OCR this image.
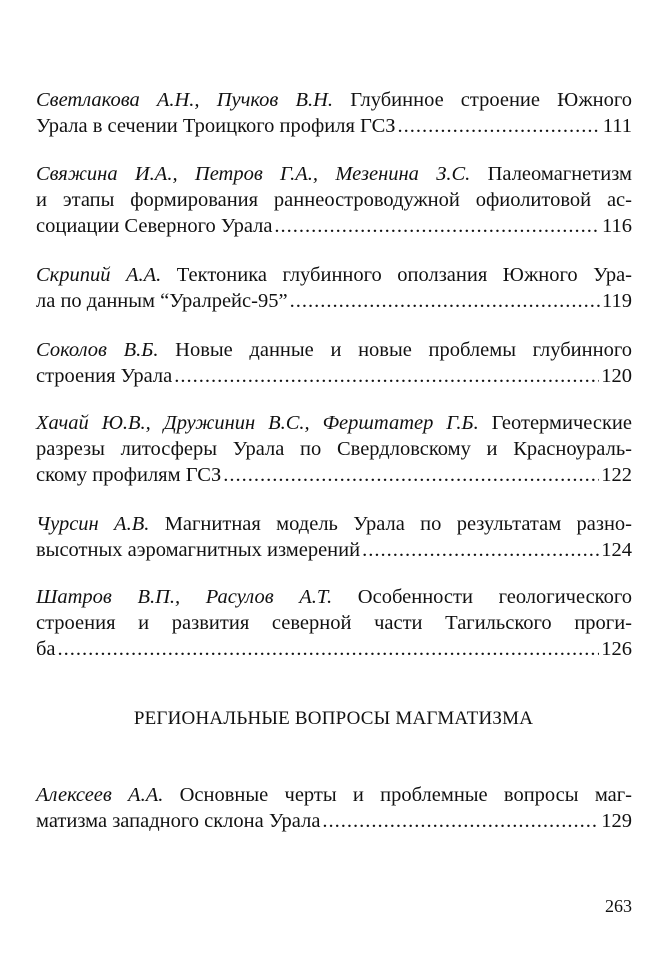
Светлакова А.Н., Пучков В.Н. Глубинное строение Южного
Урала в сечении Троицкого профиля ГСЗ .....	111
Свяжина И.А., Петров Г.А., Мезенина З.С. Палеомагнетизм
и этапы формирования раннеостроводужной офиолитовой ас-
социации Северного Урала .....	116
Скрипий А.А. Тектоника глубинного оползания Южного Ура-
ла по данным “Уралрейс-95” .....	119
Соколов В.Б. Новые данные и новые проблемы глубинного
строения Урала .....	120
Хачай Ю.В., Дружинин В.С., Ферштатер Г.Б. Геотермические
разрезы литосферы Урала по Свердловскому и Красноураль-
скому профилям ГСЗ .....	122
Чурсин А.В. Магнитная модель Урала по результатам разно-
высотных аэромагнитных измерений .....	124
Шатров В.П., Расулов А.Т. Особенности геологического
строения и развития северной части Тагильского проги-
ба .....	126
РЕГИОНАЛЬНЫЕ ВОПРОСЫ МАГМАТИЗМА
Алексеев А.А. Основные черты и проблемные вопросы маг-
матизма западного склона Урала .....	129
263
